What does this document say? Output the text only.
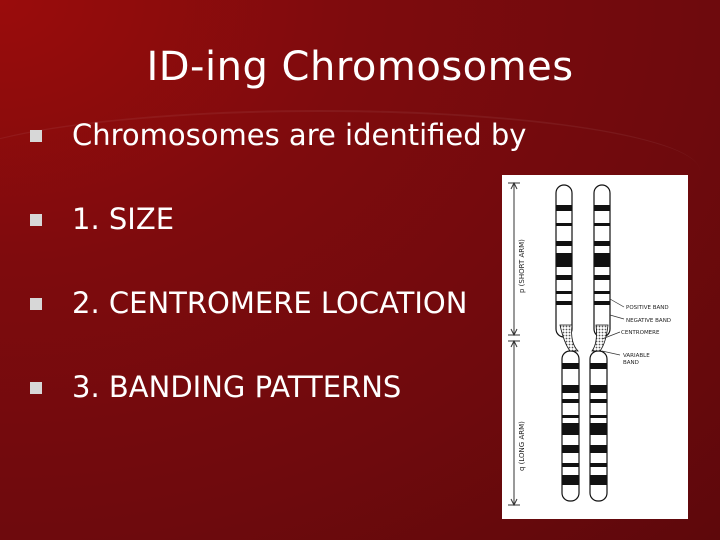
ID-ing Chromosomes
Chromosomes are identified by
1. SIZE
2. CENTROMERE LOCATION
3. BANDING PATTERNS
p (SHORT ARM)
q (LONG ARM)
POSITIVE BAND
NEGATIVE BAND
CENTROMERE
VARIABLE
BAND
